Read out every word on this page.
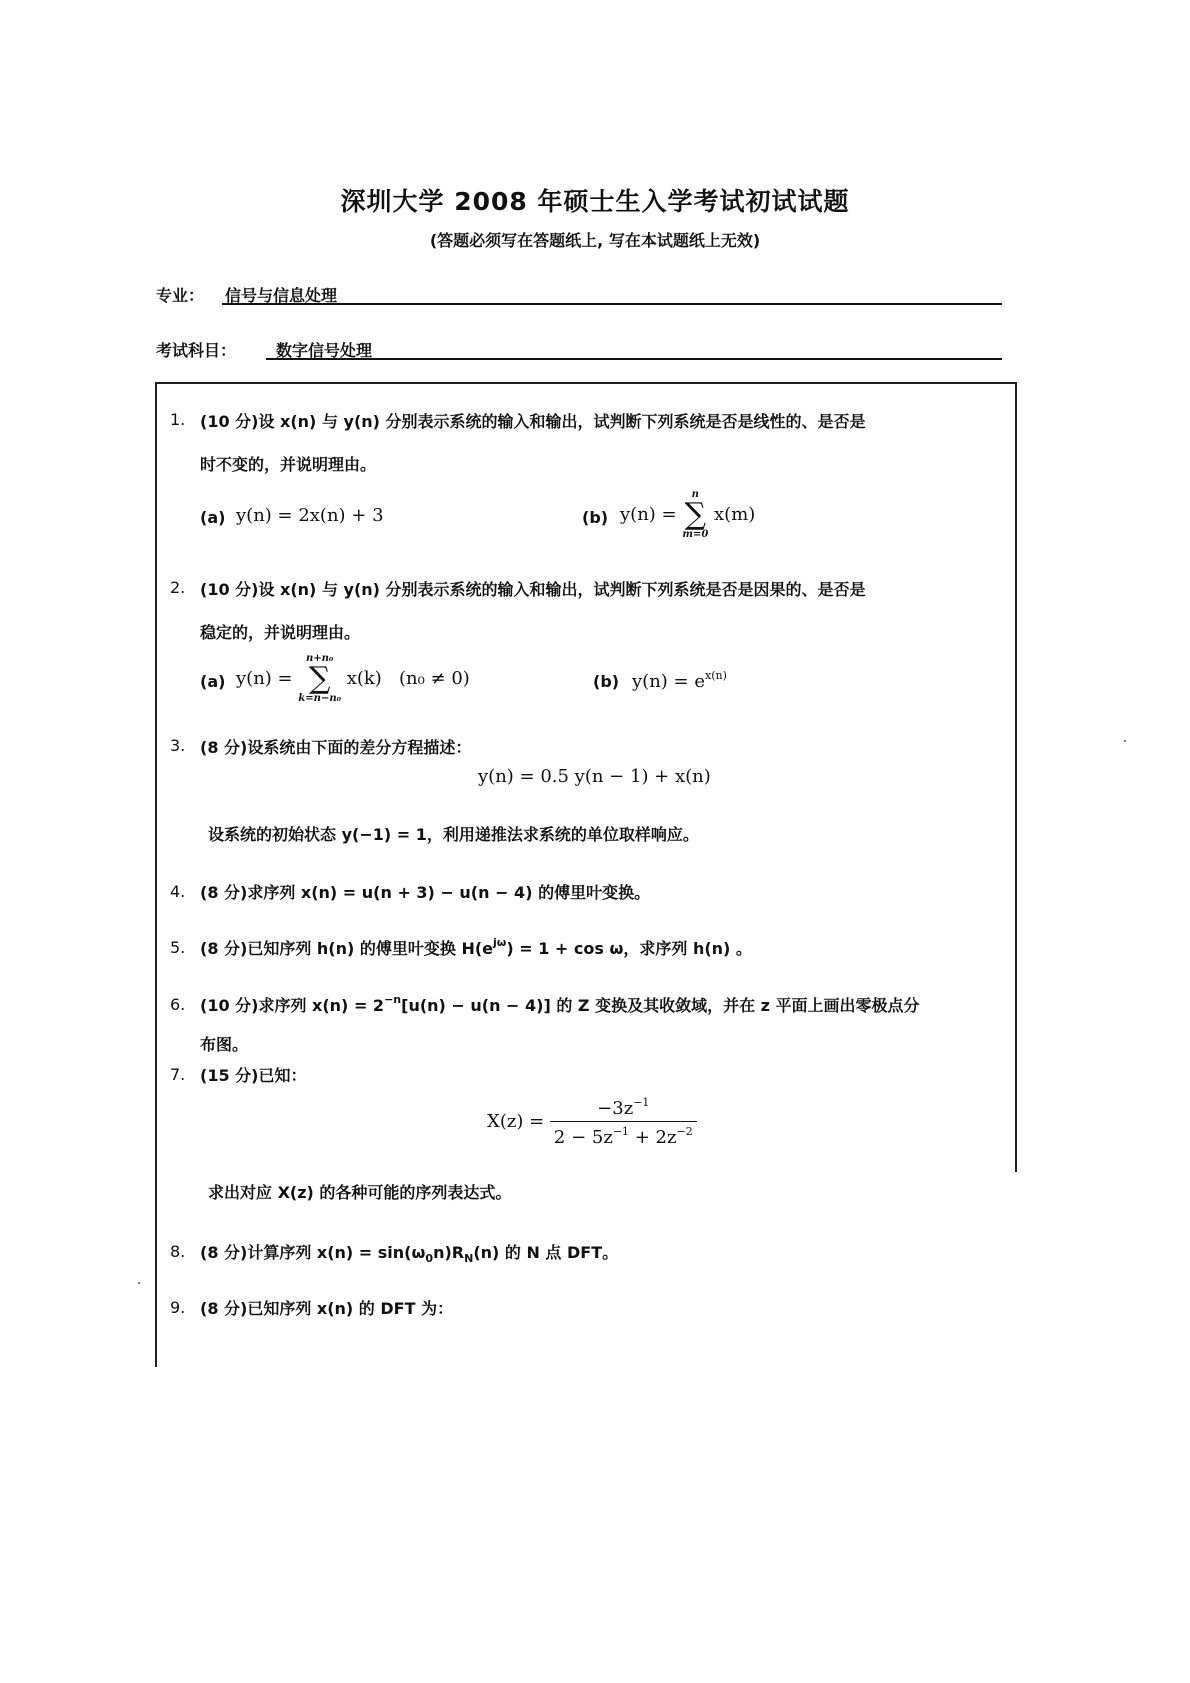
深圳大学 2008 年硕士生入学考试初试试题
(答题必须写在答题纸上, 写在本试题纸上无效)
专业： 信号与信息处理
考试科目： 数字信号处理
1. (10 分)设 x(n) 与 y(n) 分别表示系统的输入和输出，试判断下列系统是否是线性的、是否是
时不变的，并说明理由。
(a) y(n) = 2x(n) + 3	(b) y(n) =
n
∑
m=0
x(m)
2. (10 分)设 x(n) 与 y(n) 分别表示系统的输入和输出，试判断下列系统是否是因果的、是否是
稳定的，并说明理由。
(a) y(n) =
n+n₀
∑
k=n−n₀
x(k) (n₀ ≠ 0)	(b) $y(n) = e^{x(n)}$
3. (8 分)设系统由下面的差分方程描述：
y(n) = 0.5 y(n − 1) + x(n)
设系统的初始状态 y(−1) = 1，利用递推法求系统的单位取样响应。
4. (8 分)求序列 x(n) = u(n + 3) − u(n − 4) 的傅里叶变换。
5. (8 分)已知序列 h(n) 的傅里叶变换 $H(e^{j\omega}) = 1 + \cos \omega$，求序列 h(n) 。
6. (10 分)求序列 $x(n) = 2^{-n}[u(n) - u(n - 4)]$ 的 Z 变换及其收敛域，并在 z 平面上画出零极点分
布图。
7. (15 分)已知：
$X(z) = \frac{-3z^{-1}}{2 - 5z^{-1} + 2z^{-2}}$
求出对应 X(z) 的各种可能的序列表达式。
8. (8 分)计算序列 $x(n) = \sin(\omega_0n)R_N(n)$ 的 N 点 DFT。
9. (8 分)已知序列 x(n) 的 DFT 为：
